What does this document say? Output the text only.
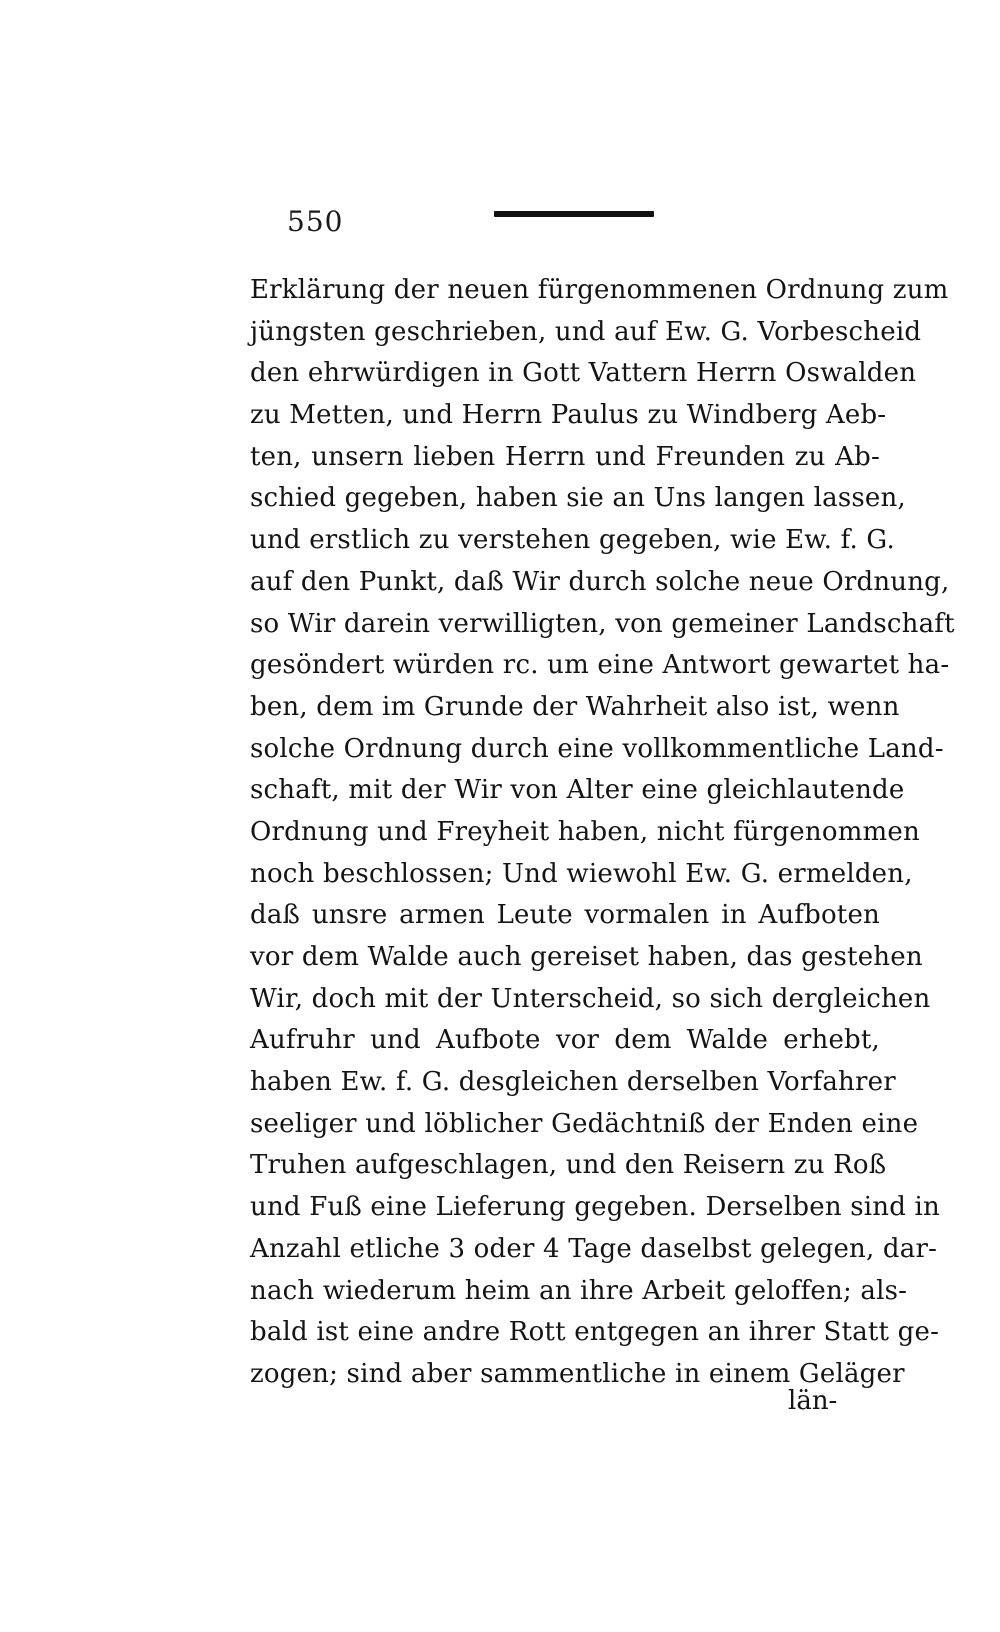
550
Erklärung der neuen fürgenommenen Ordnung zum
jüngsten geschrieben, und auf Ew. G. Vorbescheid
den ehrwürdigen in Gott Vattern Herrn Oswalden
zu Metten, und Herrn Paulus zu Windberg Aeb-
ten, unsern lieben Herrn und Freunden zu Ab-
schied gegeben, haben sie an Uns langen lassen,
und erstlich zu verstehen gegeben, wie Ew. f. G.
auf den Punkt, daß Wir durch solche neue Ordnung,
so Wir darein verwilligten, von gemeiner Landschaft
gesöndert würden rc. um eine Antwort gewartet ha-
ben, dem im Grunde der Wahrheit also ist, wenn
solche Ordnung durch eine vollkommentliche Land-
schaft, mit der Wir von Alter eine gleichlautende
Ordnung und Freyheit haben, nicht fürgenommen
noch beschlossen; Und wiewohl Ew. G. ermelden,
daß unsre armen Leute vormalen in Aufboten
vor dem Walde auch gereiset haben, das gestehen
Wir, doch mit der Unterscheid, so sich dergleichen
Aufruhr und Aufbote vor dem Walde erhebt,
haben Ew. f. G. desgleichen derselben Vorfahrer
seeliger und löblicher Gedächtniß der Enden eine
Truhen aufgeschlagen, und den Reisern zu Roß
und Fuß eine Lieferung gegeben. Derselben sind in
Anzahl etliche 3 oder 4 Tage daselbst gelegen, dar-
nach wiederum heim an ihre Arbeit geloffen; als-
bald ist eine andre Rott entgegen an ihrer Statt ge-
zogen; sind aber sammentliche in einem Geläger
län-
